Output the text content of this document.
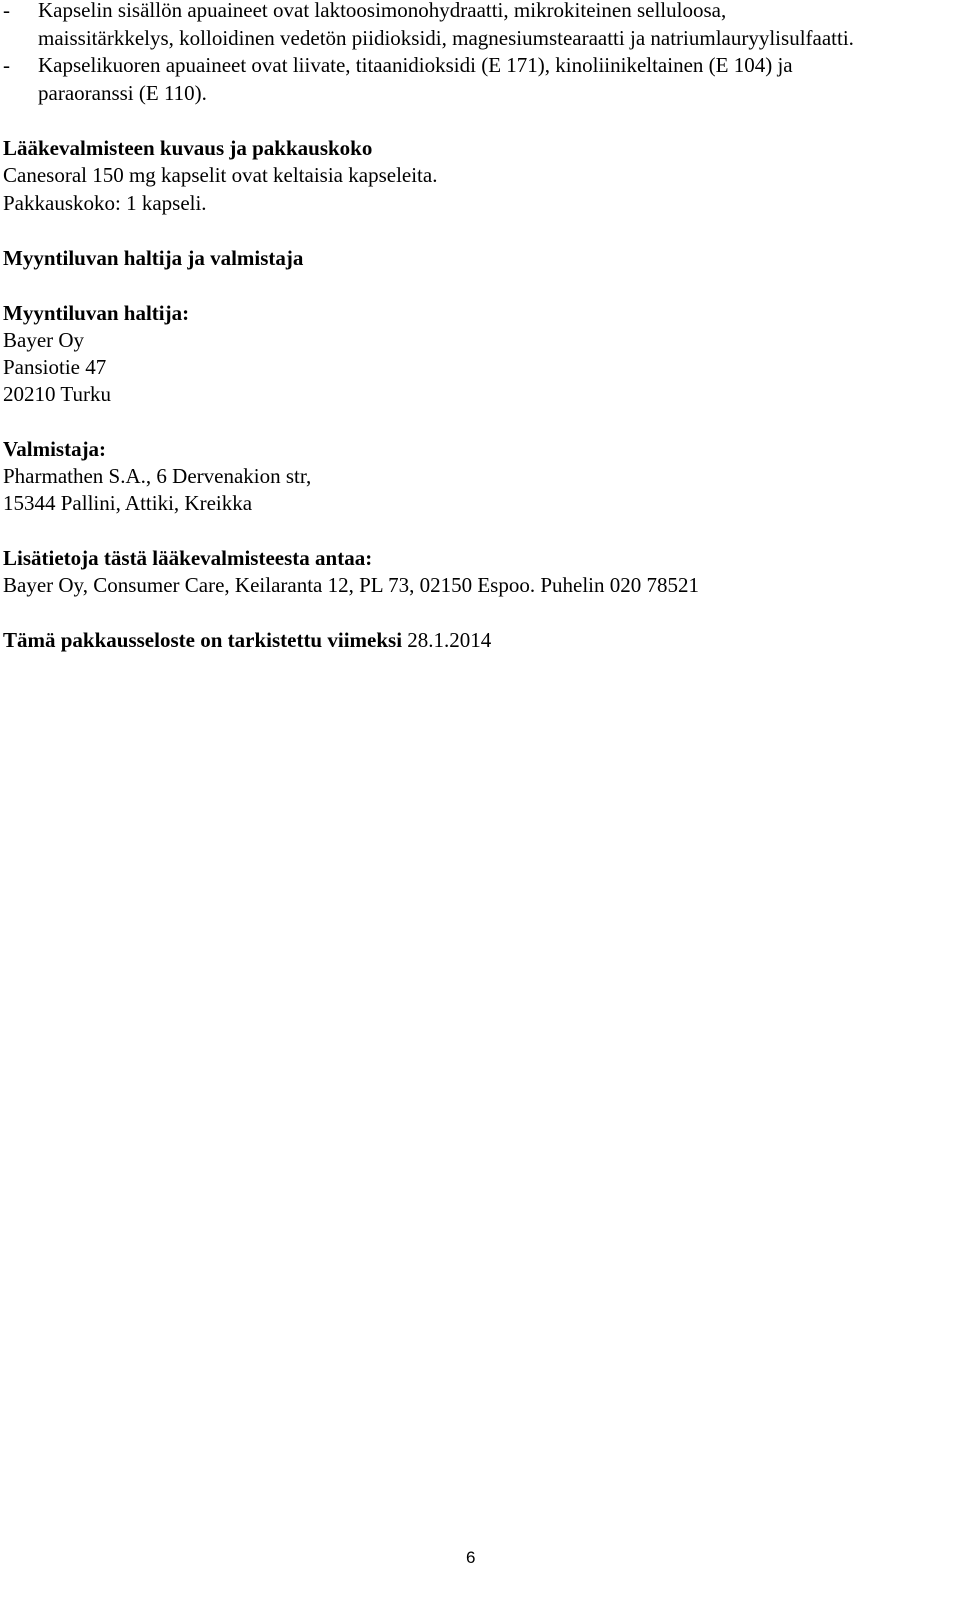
- Kapselin sisällön apuaineet ovat laktoosimonohydraatti, mikrokiteinen selluloosa,
maissitärkkelys, kolloidinen vedetön piidioksidi, magnesiumstearaatti ja natriumlauryylisulfaatti.
- Kapselikuoren apuaineet ovat liivate, titaanidioksidi (E 171), kinoliinikeltainen (E 104) ja
paraoranssi (E 110).
Lääkevalmisteen kuvaus ja pakkauskoko
Canesoral 150 mg kapselit ovat keltaisia kapseleita.
Pakkauskoko: 1 kapseli.
Myyntiluvan haltija ja valmistaja
Myyntiluvan haltija:
Bayer Oy
Pansiotie 47
20210 Turku
Valmistaja:
Pharmathen S.A., 6 Dervenakion str,
15344 Pallini, Attiki, Kreikka
Lisätietoja tästä lääkevalmisteesta antaa:
Bayer Oy, Consumer Care, Keilaranta 12, PL 73, 02150 Espoo. Puhelin 020 78521
Tämä pakkausseloste on tarkistettu viimeksi 28.1.2014
6
